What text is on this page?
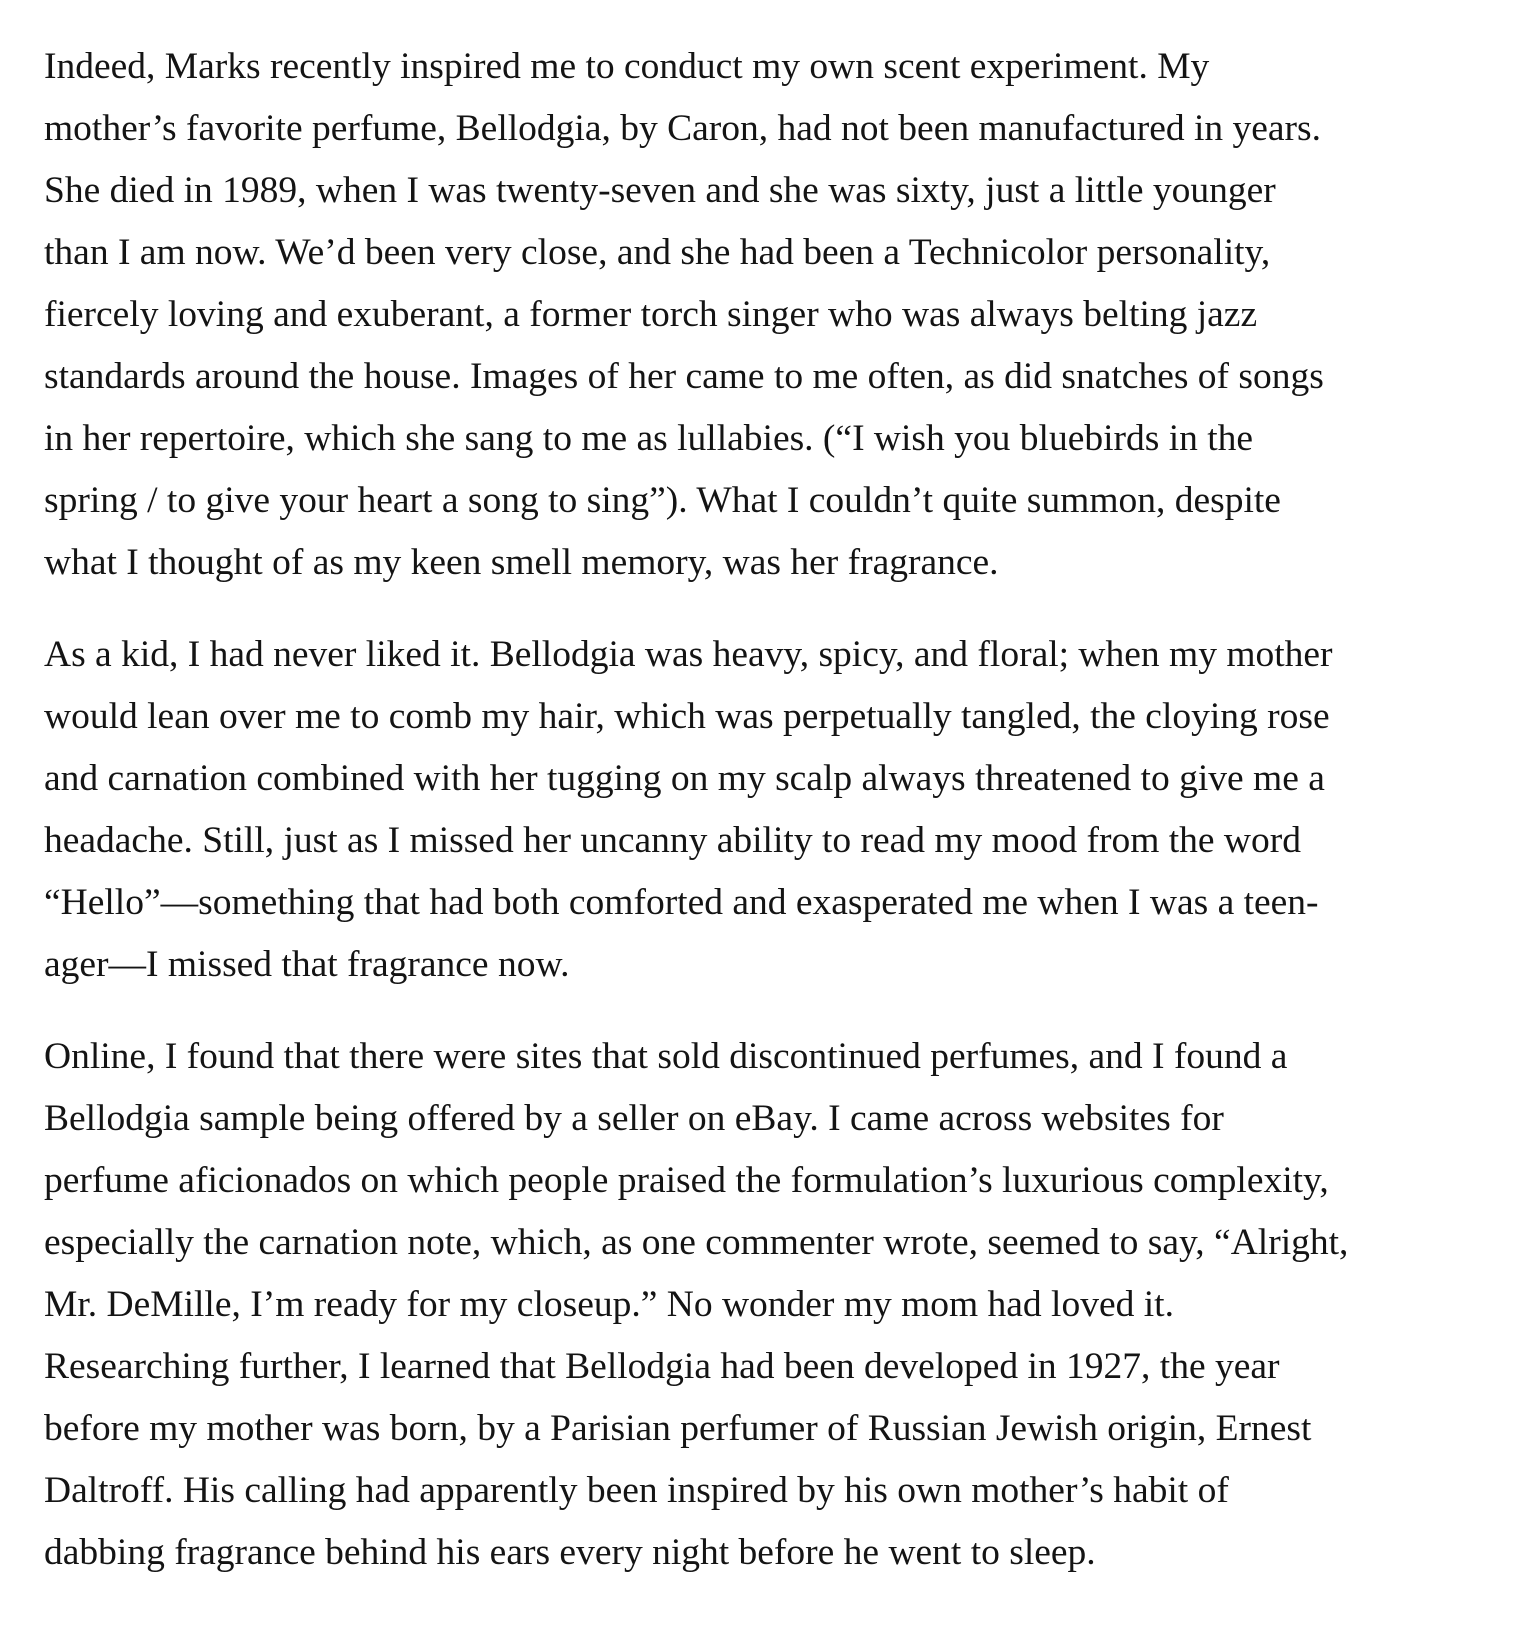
Indeed, Marks recently inspired me to conduct my own scent experiment. My
mother’s favorite perfume, Bellodgia, by Caron, had not been manufactured in years.
She died in 1989, when I was twenty-seven and she was sixty, just a little younger
than I am now. We’d been very close, and she had been a Technicolor personality,
fiercely loving and exuberant, a former torch singer who was always belting jazz
standards around the house. Images of her came to me often, as did snatches of songs
in her repertoire, which she sang to me as lullabies. (“I wish you bluebirds in the
spring / to give your heart a song to sing”). What I couldn’t quite summon, despite
what I thought of as my keen smell memory, was her fragrance.

As a kid, I had never liked it. Bellodgia was heavy, spicy, and floral; when my mother
would lean over me to comb my hair, which was perpetually tangled, the cloying rose
and carnation combined with her tugging on my scalp always threatened to give me a
headache. Still, just as I missed her uncanny ability to read my mood from the word
“Hello”—something that had both comforted and exasperated me when I was a teen-
ager—I missed that fragrance now.

Online, I found that there were sites that sold discontinued perfumes, and I found a
Bellodgia sample being offered by a seller on eBay. I came across websites for
perfume aficionados on which people praised the formulation’s luxurious complexity,
especially the carnation note, which, as one commenter wrote, seemed to say, “Alright,
Mr. DeMille, I’m ready for my closeup.” No wonder my mom had loved it.
Researching further, I learned that Bellodgia had been developed in 1927, the year
before my mother was born, by a Parisian perfumer of Russian Jewish origin, Ernest
Daltroff. His calling had apparently been inspired by his own mother’s habit of
dabbing fragrance behind his ears every night before he went to sleep.
